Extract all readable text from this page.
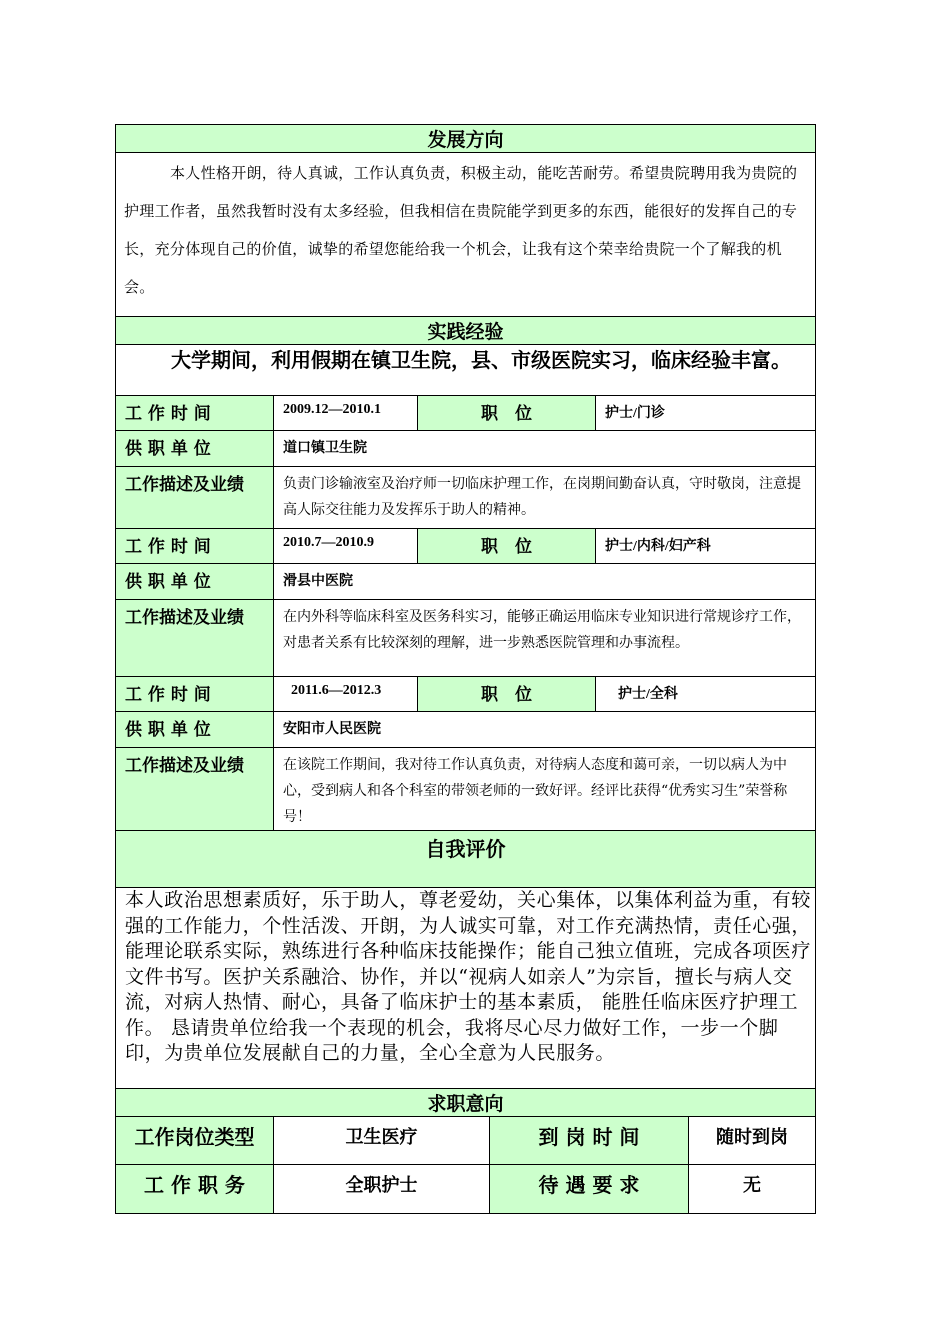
发展方向					

本人性格开朗，待人真诚，工作认真负责，积极主动，能吃苦耐劳。希望贵院聘用我为贵院的护理工作者，虽然我暂时没有太多经验，但我相信在贵院能学到更多的东西，能很好的发挥自己的专长，充分体现自己的价值，诚挚的希望您能给我一个机会，让我有这个荣幸给贵院一个了解我的机会。					

实践经验					

大学期间，利用假期在镇卫生院，县、市级医院实习，临床经验丰富。					

工 作 时 间	2009.12—2010.1	职　位		护士/门诊	
供 职 单 位	道口镇卫生院				
工作描述及业绩	负责门诊输液室及治疗师一切临床护理工作，在岗期间勤奋认真，守时敬岗，注意提高人际交往能力及发挥乐于助人的精神。				
工 作 时 间	2010.7—2010.9	职　位		护士/内科/妇产科	
供 职 单 位	滑县中医院				
工作描述及业绩	在内外科等临床科室及医务科实习，能够正确运用临床专业知识进行常规诊疗工作，对患者关系有比较深刻的理解，进一步熟悉医院管理和办事流程。				
工 作 时 间	2011.6—2012.3	职　位		护士/全科	
供 职 单 位	安阳市人民医院				
工作描述及业绩	在该院工作期间，我对待工作认真负责，对待病人态度和蔼可亲，一切以病人为中心，受到病人和各个科室的带领老师的一致好评。经评比获得“优秀实习生”荣誉称号！				
自我评价					

本人政治思想素质好，乐于助人，尊老爱幼，关心集体，以集体利益为重，有较强的工作能力，个性活泼、开朗，为人诚实可靠，对工作充满热情，责任心强，能理论联系实际，熟练进行各种临床技能操作；能自己独立值班，完成各项医疗文件书写。医护关系融洽、协作，并以“视病人如亲人”为宗旨，擅长与病人交流，对病人热情、耐心，具备了临床护士的基本素质， 能胜任临床医疗护理工作。 恳请贵单位给我一个表现的机会，我将尽心尽力做好工作，一步一个脚印，为贵单位发展献自己的力量，全心全意为人民服务。					

求职意向					
工作岗位类型	卫生医疗		到 岗 时 间		随时到岗
工 作 职 务	全职护士		待 遇 要 求		无
